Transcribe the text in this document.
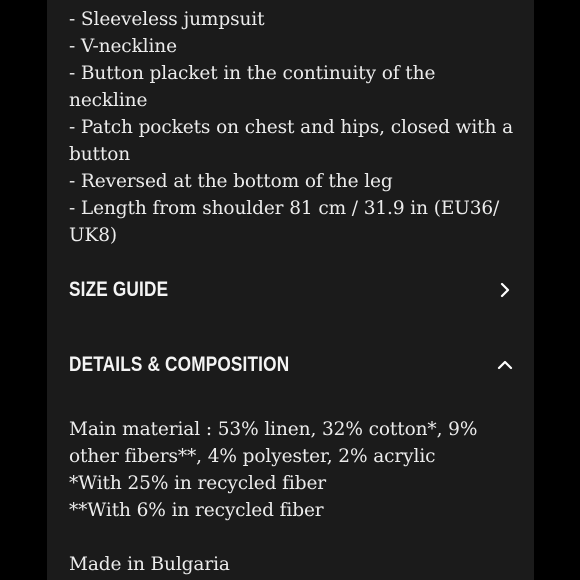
- Sleeveless jumpsuit
- V-neckline
- Button placket in the continuity of the neckline
- Patch pockets on chest and hips, closed with a button
- Reversed at the bottom of the leg
- Length from shoulder 81 cm / 31.9 in (EU36/ UK8)
SIZE GUIDE
DETAILS & COMPOSITION

Main material : 53% linen, 32% cotton*, 9% other fibers**, 4% polyester, 2% acrylic

*With 25% in recycled fiber

**With 6% in recycled fiber

Made in Bulgaria
